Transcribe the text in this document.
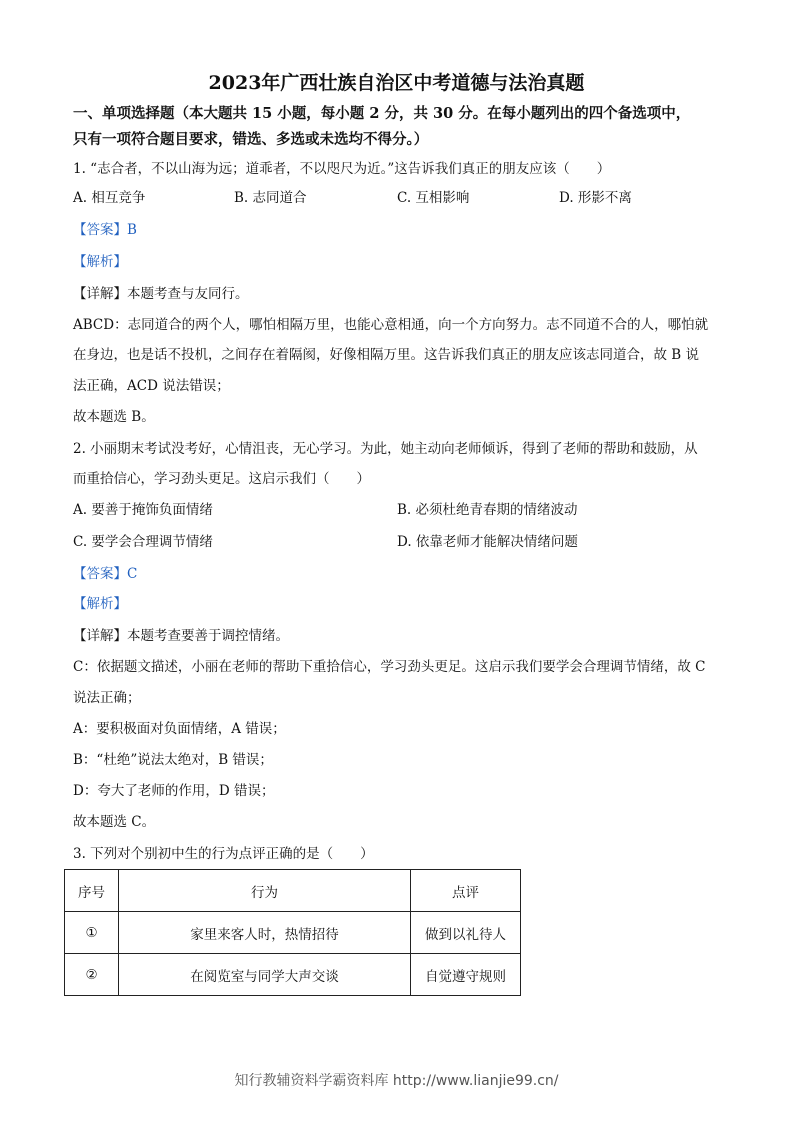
2023年广西壮族自治区中考道德与法治真题
一、单项选择题（本大题共 15 小题，每小题 2 分，共 30 分。在每小题列出的四个备选项中，
只有一项符合题目要求，错选、多选或未选均不得分。）
1. “志合者，不以山海为远；道乖者，不以咫尺为近。”这告诉我们真正的朋友应该（　　）
A. 相互竞争	B. 志同道合	C. 互相影响	D. 形影不离
【答案】B
【解析】
【详解】本题考查与友同行。
ABCD：志同道合的两个人，哪怕相隔万里，也能心意相通，向一个方向努力。志不同道不合的人，哪怕就
在身边，也是话不投机，之间存在着隔阂，好像相隔万里。这告诉我们真正的朋友应该志同道合，故 B 说
法正确，ACD 说法错误；
故本题选 B。
2. 小丽期末考试没考好，心情沮丧，无心学习。为此，她主动向老师倾诉，得到了老师的帮助和鼓励，从
而重拾信心，学习劲头更足。这启示我们（　　）
A. 要善于掩饰负面情绪	B. 必须杜绝青春期的情绪波动
C. 要学会合理调节情绪	D. 依靠老师才能解决情绪问题
【答案】C
【解析】
【详解】本题考查要善于调控情绪。
C：依据题文描述，小丽在老师的帮助下重拾信心，学习劲头更足。这启示我们要学会合理调节情绪，故 C
说法正确；
A：要积极面对负面情绪，A 错误；
B：“杜绝”说法太绝对，B 错误；
D：夸大了老师的作用，D 错误；
故本题选 C。
3. 下列对个别初中生的行为点评正确的是（　　）
序号	行为	点评
①	家里来客人时，热情招待	做到以礼待人
②	在阅览室与同学大声交谈	自觉遵守规则
知行教辅资料学霸资料库 http://www.lianjie99.cn/
